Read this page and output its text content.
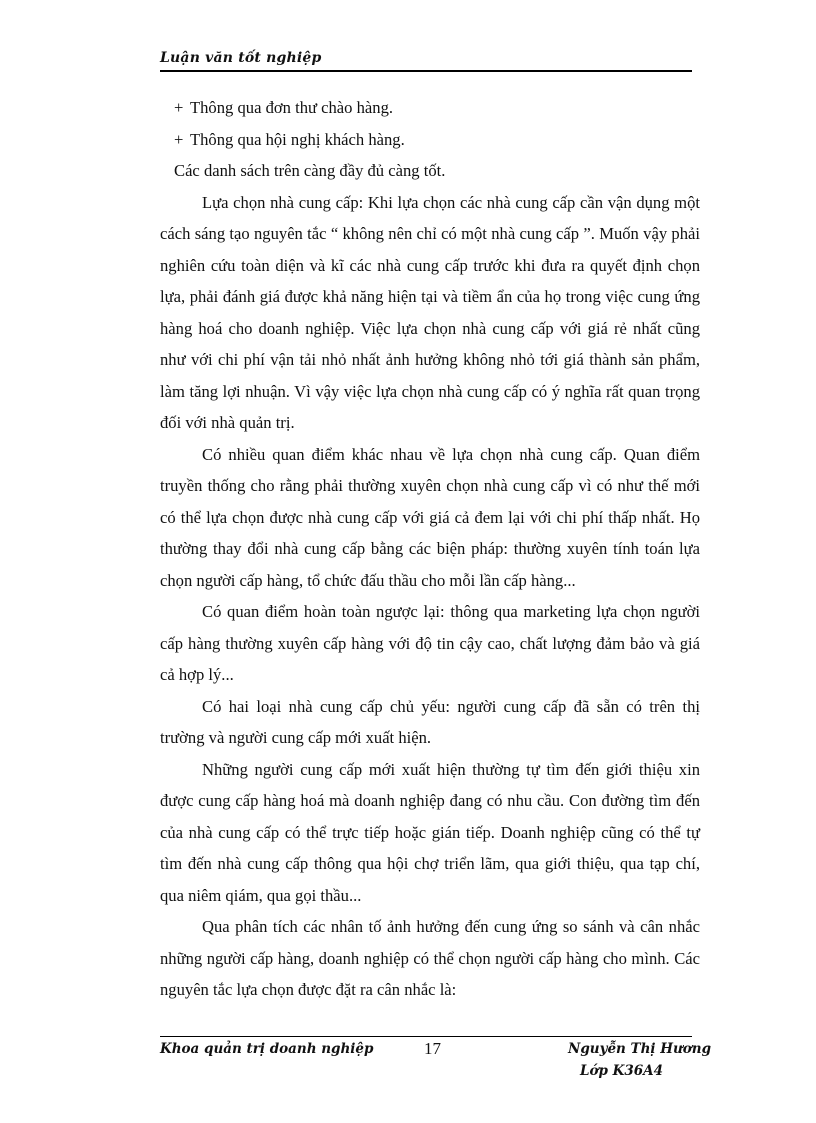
Luận văn tốt nghiệp

+ Thông qua đơn thư chào hàng.

+ Thông qua hội nghị khách hàng.

Các danh sách trên càng đầy đủ càng tốt.

Lựa chọn nhà cung cấp: Khi lựa chọn các nhà cung cấp cần vận dụng một cách sáng tạo nguyên tắc “ không nên chỉ có một nhà cung cấp ”. Muốn vậy phải nghiên cứu toàn diện và kĩ các nhà cung cấp trước khi đưa ra quyết định chọn lựa, phải đánh giá được khả năng hiện tại và tiềm ẩn của họ trong việc cung ứng hàng hoá cho doanh nghiệp. Việc lựa chọn nhà cung cấp với giá rẻ nhất cũng như với chi phí vận tải nhỏ nhất ảnh hưởng không nhỏ tới giá thành sản phẩm, làm tăng lợi nhuận. Vì vậy việc lựa chọn nhà cung cấp có ý nghĩa rất quan trọng đối với nhà quản trị.

Có nhiều quan điểm khác nhau về lựa chọn nhà cung cấp. Quan điểm truyền thống cho rằng phải thường xuyên chọn nhà cung cấp vì có như thế mới có thể lựa chọn được nhà cung cấp với giá cả đem lại với chi phí thấp nhất. Họ thường thay đổi nhà cung cấp bằng các biện pháp: thường xuyên tính toán lựa chọn người cấp hàng, tổ chức đấu thầu cho mỗi lần cấp hàng...

Có quan điểm hoàn toàn ngược lại: thông qua marketing lựa chọn người cấp hàng thường xuyên cấp hàng với độ tin cậy cao, chất lượng đảm bảo và giá cả hợp lý...

Có hai loại nhà cung cấp chủ yếu: người cung cấp đã sẵn có trên thị trường và người cung cấp mới xuất hiện.

Những người cung cấp mới xuất hiện thường tự tìm đến giới thiệu xin được cung cấp hàng hoá mà doanh nghiệp đang có nhu cầu. Con đường tìm đến của nhà cung cấp có thể trực tiếp hoặc gián tiếp. Doanh nghiệp cũng có thể tự tìm đến nhà cung cấp thông qua hội chợ triển lãm, qua giới thiệu, qua tạp chí, qua niêm qiám, qua gọi thầu...

Qua phân tích các nhân tố ảnh hưởng đến cung ứng so sánh và cân nhắc những người cấp hàng, doanh nghiệp có thể chọn người cấp hàng cho mình. Các nguyên tắc lựa chọn được đặt ra cân nhắc là:

Khoa quản trị doanh nghiệp	17	Nguyễn Thị Hương
Lớp K36A4
